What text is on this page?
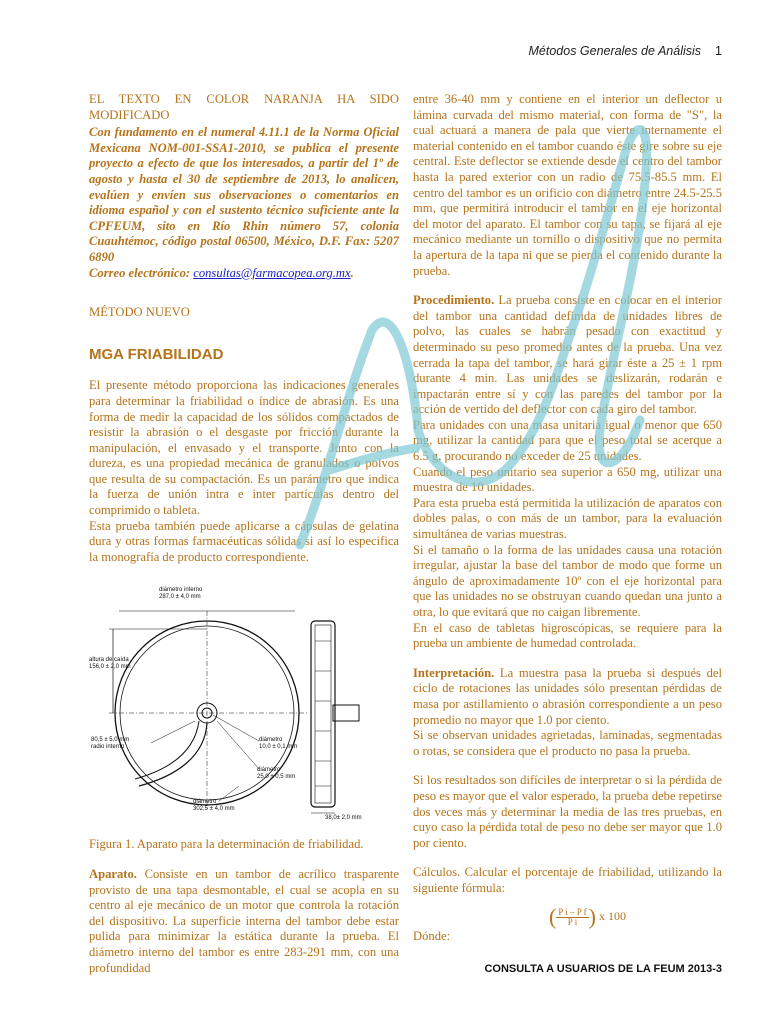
Métodos Generales de Análisis 1

EL TEXTO EN COLOR NARANJA HA SIDO MODIFICADO

Con fundamento en el numeral 4.11.1 de la Norma Oficial Mexicana NOM-001-SSA1-2010, se publica el presente proyecto a efecto de que los interesados, a partir del 1º de agosto y hasta el 30 de septiembre de 2013, lo analicen, evalúen y envíen sus observaciones o comentarios en idioma español y con el sustento técnico suficiente ante la CPFEUM, sito en Río Rhin número 57, colonia Cuauhtémoc, código postal 06500, México, D.F. Fax: 5207 6890
Correo electrónico: consultas@farmacopea.org.mx.

MÉTODO NUEVO

MGA FRIABILIDAD

El presente método proporciona las indicaciones generales para determinar la friabilidad o índice de abrasión. Es una forma de medir la capacidad de los sólidos compactados de resistir la abrasión o el desgaste por fricción durante la manipulación, el envasado y el transporte. Junto con la dureza, es una propiedad mecánica de granulados o polvos que resulta de su compactación. Es un parámetro que indica la fuerza de unión intra e inter partículas dentro del comprimido o tableta.

Esta prueba también puede aplicarse a cápsulas de gelatina dura y otras formas farmacéuticas sólidas si así lo especifica la monografía de producto correspondiente.

diámetro interno
287,0 ± 4,0 mm
altura de caída
156,0 ± 2,0 mm
80,5 ± 5,0 mm
radio interno
diámetro
10,0 ± 0,1 mm
diámetro
25,0 ± 0,5 mm
diámetro
302,5 ± 4,0 mm
38,0± 2,0 mm

Figura 1. Aparato para la determinación de friabilidad.

Aparato. Consiste en un tambor de acrílico trasparente provisto de una tapa desmontable, el cual se acopla en su centro al eje mecánico de un motor que controla la rotación del dispositivo. La superficie interna del tambor debe estar pulida para minimizar la estática durante la prueba. El diámetro interno del tambor es entre 283-291 mm, con una profundidad

entre 36-40 mm y contiene en el interior un deflector u lámina curvada del mismo material, con forma de "S", la cual actuará a manera de pala que vierte internamente el material contenido en el tambor cuando éste gire sobre su eje central. Este deflector se extiende desde el centro del tambor hasta la pared exterior con un radio de 75.5-85.5 mm. El centro del tambor es un orificio con diámetro entre 24.5-25.5 mm, que permitirá introducir el tambor en el eje horizontal del motor del aparato. El tambor con su tapa, se fijará al eje mecánico mediante un tornillo o dispositivo que no permita la apertura de la tapa ni que se pierda el contenido durante la prueba.

Procedimiento. La prueba consiste en colocar en el interior del tambor una cantidad definida de unidades libres de polvo, las cuales se habrán pesado con exactitud y determinado su peso promedio antes de la prueba. Una vez cerrada la tapa del tambor, se hará girar éste a 25 ± 1 rpm durante 4 min. Las unidades se deslizarán, rodarán e impactarán entre sí y con las paredes del tambor por la acción de vertido del deflector con cada giro del tambor.

Para unidades con una masa unitaria igual o menor que 650 mg, utilizar la cantidad para que el peso total se acerque a 6.5 g, procurando no exceder de 25 unidades.

Cuando el peso unitario sea superior a 650 mg, utilizar una muestra de 10 unidades.

Para esta prueba está permitida la utilización de aparatos con dobles palas, o con más de un tambor, para la evaluación simultánea de varias muestras.

Si el tamaño o la forma de las unidades causa una rotación irregular, ajustar la base del tambor de modo que forme un ángulo de aproximadamente 10º con el eje horizontal para que las unidades no se obstruyan cuando quedan una junto a otra, lo que evitará que no caigan libremente.

En el caso de tabletas higroscópicas, se requiere para la prueba un ambiente de humedad controlada.

Interpretación. La muestra pasa la prueba si después del ciclo de rotaciones las unidades sólo presentan pérdidas de masa por astillamiento o abrasión correspondiente a un peso promedio no mayor que 1.0 por ciento.

Si se observan unidades agrietadas, laminadas, segmentadas o rotas, se considera que el producto no pasa la prueba.

Si los resultados son difíciles de interpretar o si la pérdida de peso es mayor que el valor esperado, la prueba debe repetirse dos veces más y determinar la media de las tres pruebas, en cuyo caso la pérdida total de peso no debe ser mayor que 1.0 por ciento.

Cálculos. Calcular el porcentaje de friabilidad, utilizando la siguiente fórmula:

$(\frac{\text{P i – P f}}{\text{P i}})$ x 100

Dónde:

CONSULTA A USUARIOS DE LA FEUM 2013-3
